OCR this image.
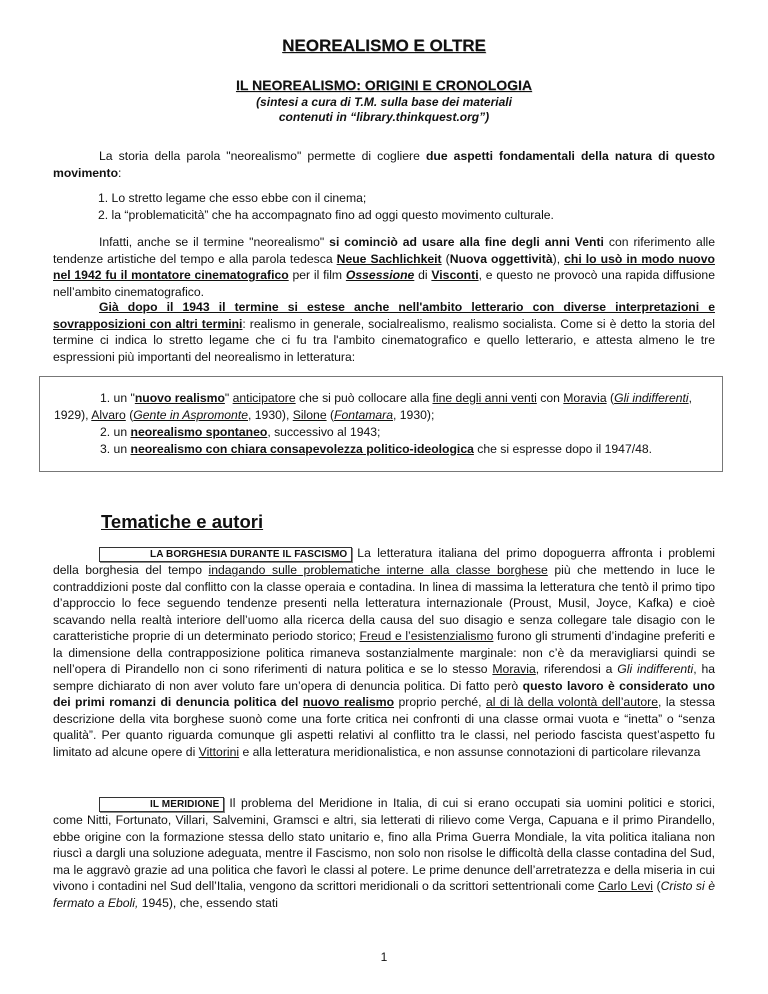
NEOREALISMO E OLTRE
IL NEOREALISMO: ORIGINI E CRONOLOGIA
(sintesi a cura di T.M. sulla base dei materiali
contenuti in “library.thinkquest.org”)

La storia della parola "neorealismo" permette di cogliere due aspetti fondamentali della natura di questo movimento:

1. Lo stretto legame che esso ebbe con il cinema;
2. la “problematicità” che ha accompagnato fino ad oggi questo movimento culturale.

Infatti, anche se il termine "neorealismo" si cominciò ad usare alla fine degli anni Venti con riferimento alle tendenze artistiche del tempo e alla parola tedesca Neue Sachlichkeit (Nuova oggettività), chi lo usò in modo nuovo nel 1942 fu il montatore cinematografico per il film Ossessione di Visconti, e questo ne provocò una rapida diffusione nell’ambito cinematografico.

Già dopo il 1943 il termine si estese anche nell'ambito letterario con diverse interpretazioni e sovrapposizioni con altri termini: realismo in generale, socialrealismo, realismo socialista. Come si è detto la storia del termine ci indica lo stretto legame che ci fu tra l'ambito cinematografico e quello letterario, e attesta almeno le tre espressioni più importanti del neorealismo in letteratura:

1. un "nuovo realismo" anticipatore che si può collocare alla fine degli anni venti con Moravia (Gli indifferenti, 1929), Alvaro (Gente in Aspromonte, 1930), Silone (Fontamara, 1930);
2. un neorealismo spontaneo, successivo al 1943;
3. un neorealismo con chiara consapevolezza politico-ideologica che si espresse dopo il 1947/48.
Tematiche e autori

LA BORGHESIA DURANTE IL FASCISMO La letteratura italiana del primo dopoguerra affronta i problemi della borghesia del tempo indagando sulle problematiche interne alla classe borghese più che mettendo in luce le contraddizioni poste dal conflitto con la classe operaia e contadina. In linea di massima la letteratura che tentò il primo tipo d’approccio lo fece seguendo tendenze presenti nella letteratura internazionale (Proust, Musil, Joyce, Kafka) e cioè scavando nella realtà interiore dell’uomo alla ricerca della causa del suo disagio e senza collegare tale disagio con le caratteristiche proprie di un determinato periodo storico; Freud e l’esistenzialismo furono gli strumenti d’indagine preferiti e la dimensione della contrapposizione politica rimaneva sostanzialmente marginale: non c’è da meravigliarsi quindi se nell’opera di Pirandello non ci sono riferimenti di natura politica e se lo stesso Moravia, riferendosi a Gli indifferenti, ha sempre dichiarato di non aver voluto fare un’opera di denuncia politica. Di fatto però questo lavoro è considerato uno dei primi romanzi di denuncia politica del nuovo realismo proprio perché, al di là della volontà dell’autore, la stessa descrizione della vita borghese suonò come una forte critica nei confronti di una classe ormai vuota e “inetta” o “senza qualità”. Per quanto riguarda comunque gli aspetti relativi al conflitto tra le classi, nel periodo fascista quest’aspetto fu limitato ad alcune opere di Vittorini e alla letteratura meridionalistica, e non assunse connotazioni di particolare rilevanza

IL MERIDIONE Il problema del Meridione in Italia, di cui si erano occupati sia uomini politici e storici, come Nitti, Fortunato, Villari, Salvemini, Gramsci e altri, sia letterati di rilievo come Verga, Capuana e il primo Pirandello, ebbe origine con la formazione stessa dello stato unitario e, fino alla Prima Guerra Mondiale, la vita politica italiana non riuscì a dargli una soluzione adeguata, mentre il Fascismo, non solo non risolse le difficoltà della classe contadina del Sud, ma le aggravò grazie ad una politica che favorì le classi al potere. Le prime denunce dell’arretratezza e della miseria in cui vivono i contadini nel Sud dell’Italia, vengono da scrittori meridionali o da scrittori settentrionali come Carlo Levi (Cristo si è fermato a Eboli, 1945), che, essendo stati

1
